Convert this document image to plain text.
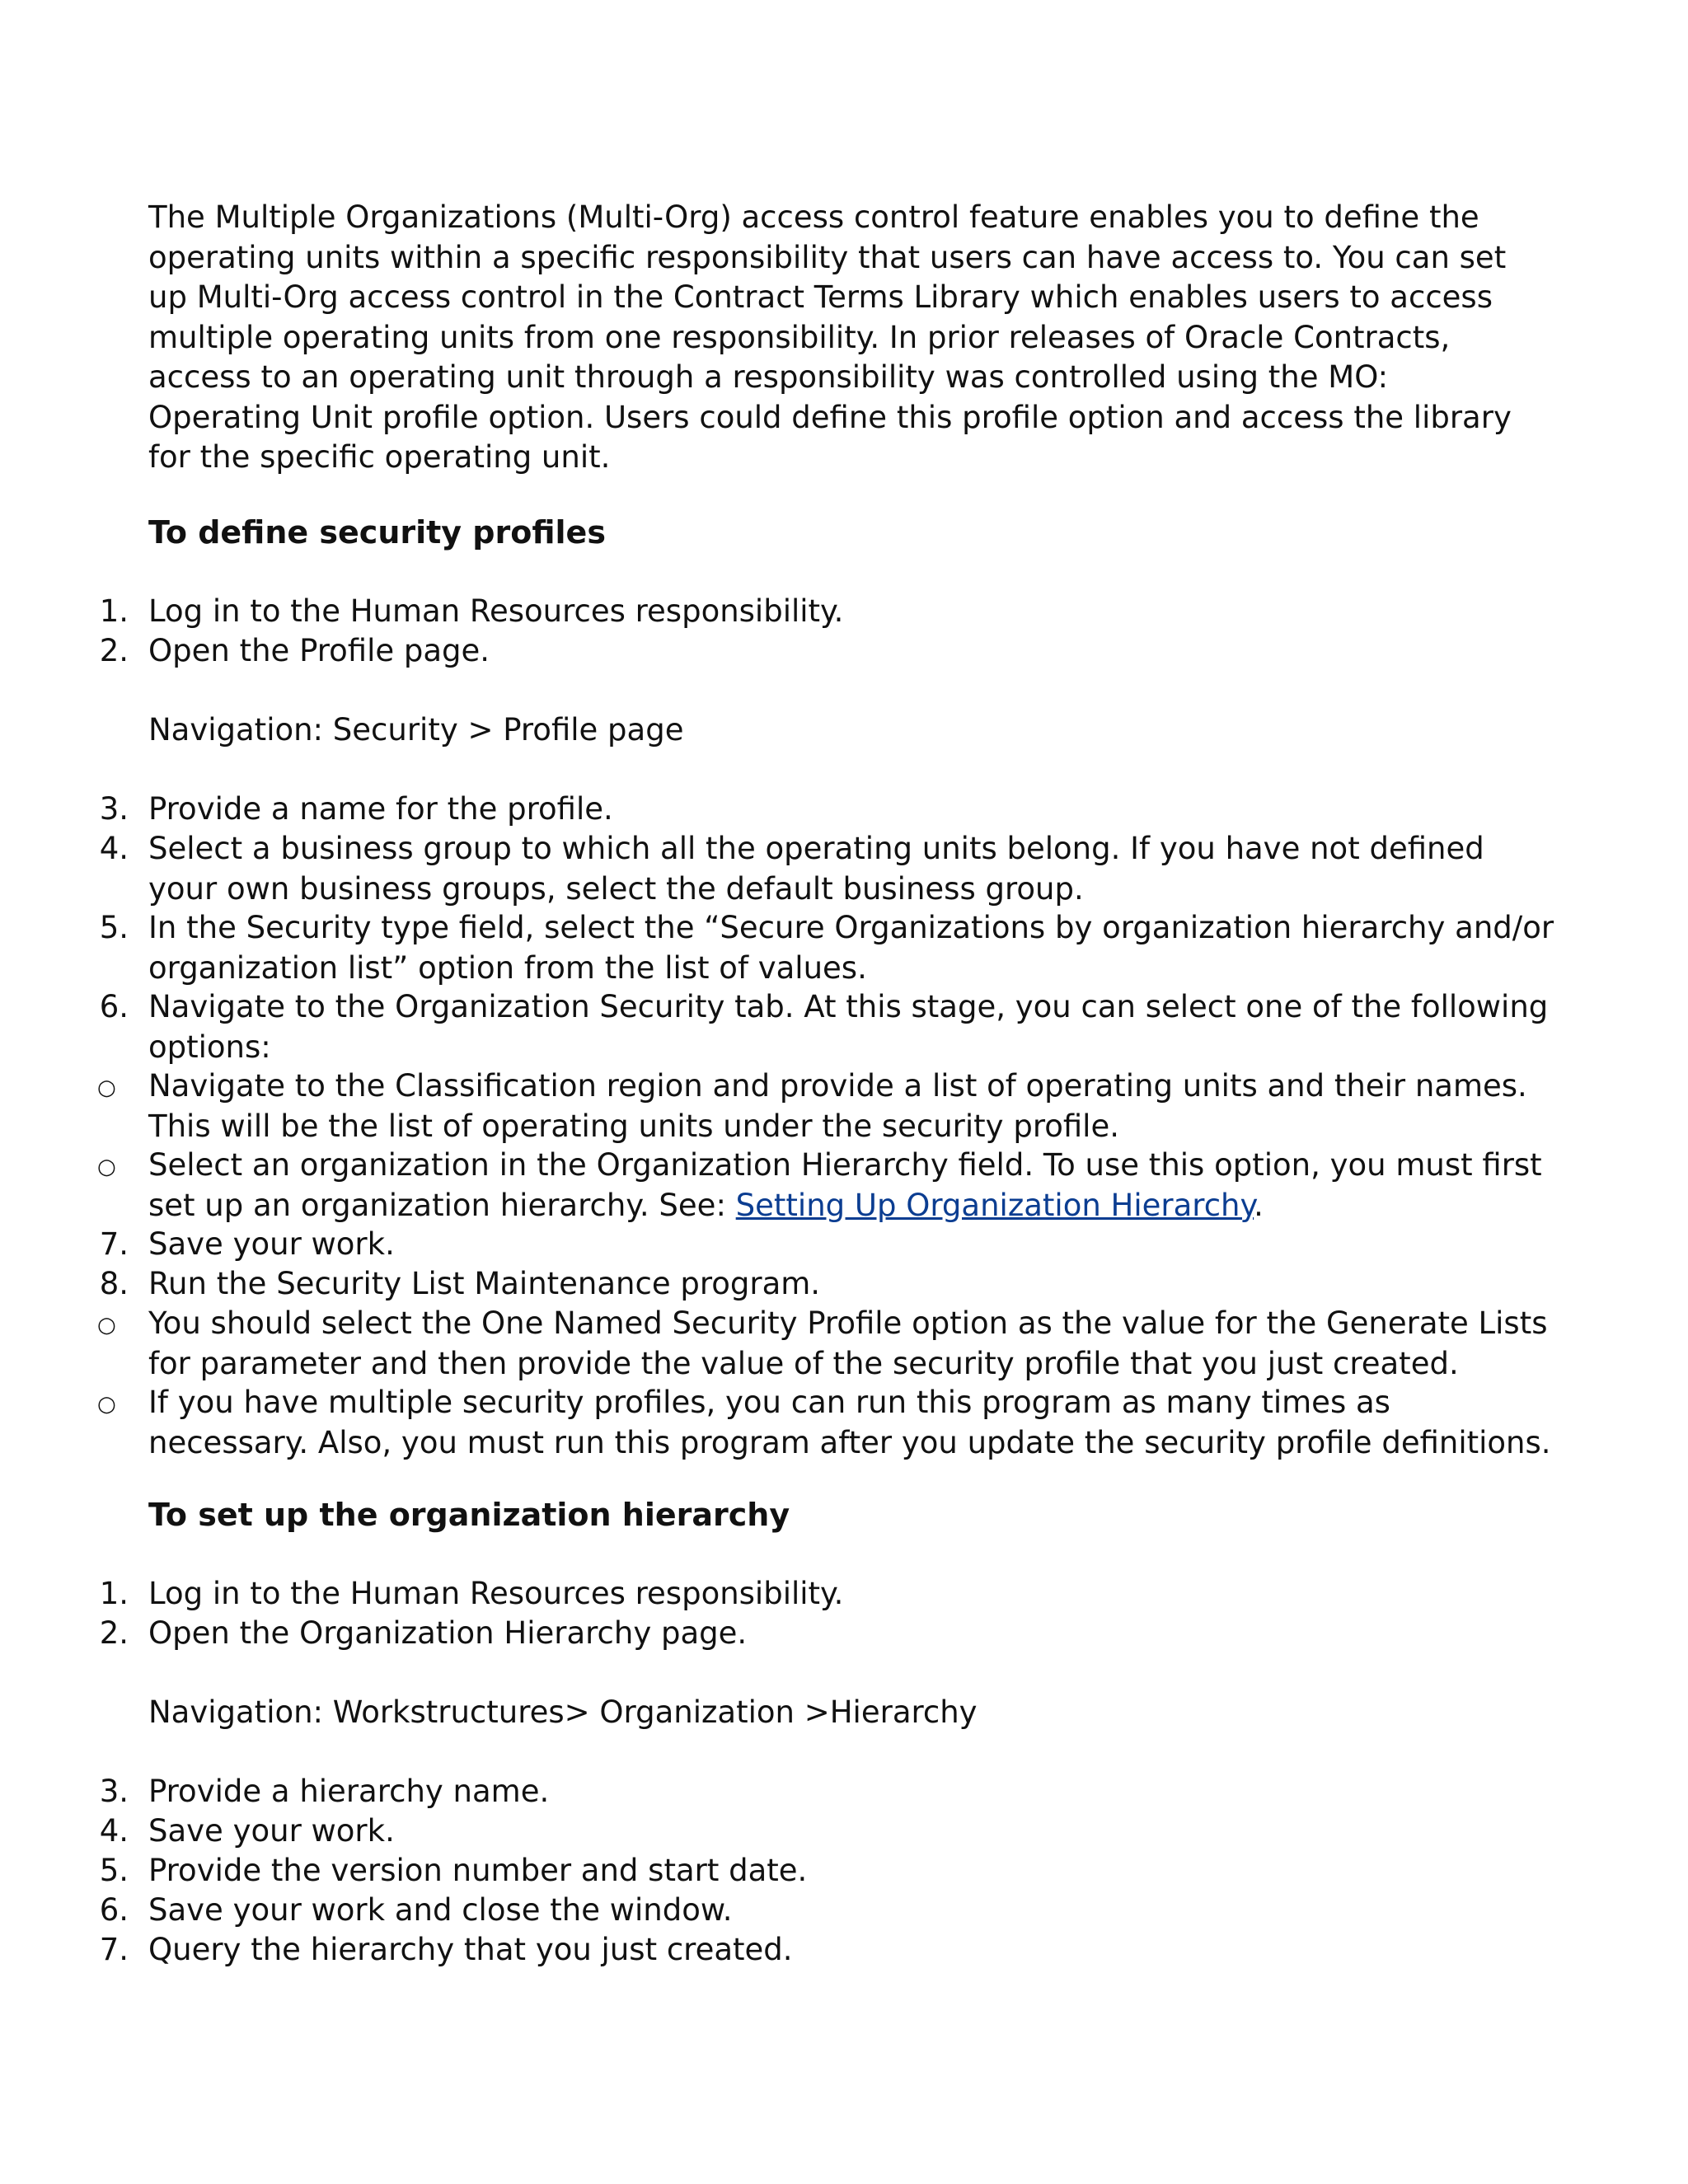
The Multiple Organizations (Multi-Org) access control feature enables you to define the operating units within a specific responsibility that users can have access to. You can set up Multi-Org access control in the Contract Terms Library which enables users to access multiple operating units from one responsibility. In prior releases of Oracle Contracts, access to an operating unit through a responsibility was controlled using the MO: Operating Unit profile option. Users could define this profile option and access the library for the specific operating unit.

To define security profiles

1. Log in to the Human Resources responsibility.
2. Open the Profile page.

Navigation: Security > Profile page

3. Provide a name for the profile.
4. Select a business group to which all the operating units belong. If you have not defined your own business groups, select the default business group.
5. In the Security type field, select the “Secure Organizations by organization hierarchy and/or organization list” option from the list of values.
6. Navigate to the Organization Security tab. At this stage, you can select one of the following options:
○ Navigate to the Classification region and provide a list of operating units and their names. This will be the list of operating units under the security profile.
○ Select an organization in the Organization Hierarchy field. To use this option, you must first set up an organization hierarchy. See: Setting Up Organization Hierarchy.
7. Save your work.
8. Run the Security List Maintenance program.
○ You should select the One Named Security Profile option as the value for the Generate Lists for parameter and then provide the value of the security profile that you just created.
○ If you have multiple security profiles, you can run this program as many times as necessary. Also, you must run this program after you update the security profile definitions.

To set up the organization hierarchy

1. Log in to the Human Resources responsibility.
2. Open the Organization Hierarchy page.

Navigation: Workstructures> Organization >Hierarchy

3. Provide a hierarchy name.
4. Save your work.
5. Provide the version number and start date.
6. Save your work and close the window.
7. Query the hierarchy that you just created.
